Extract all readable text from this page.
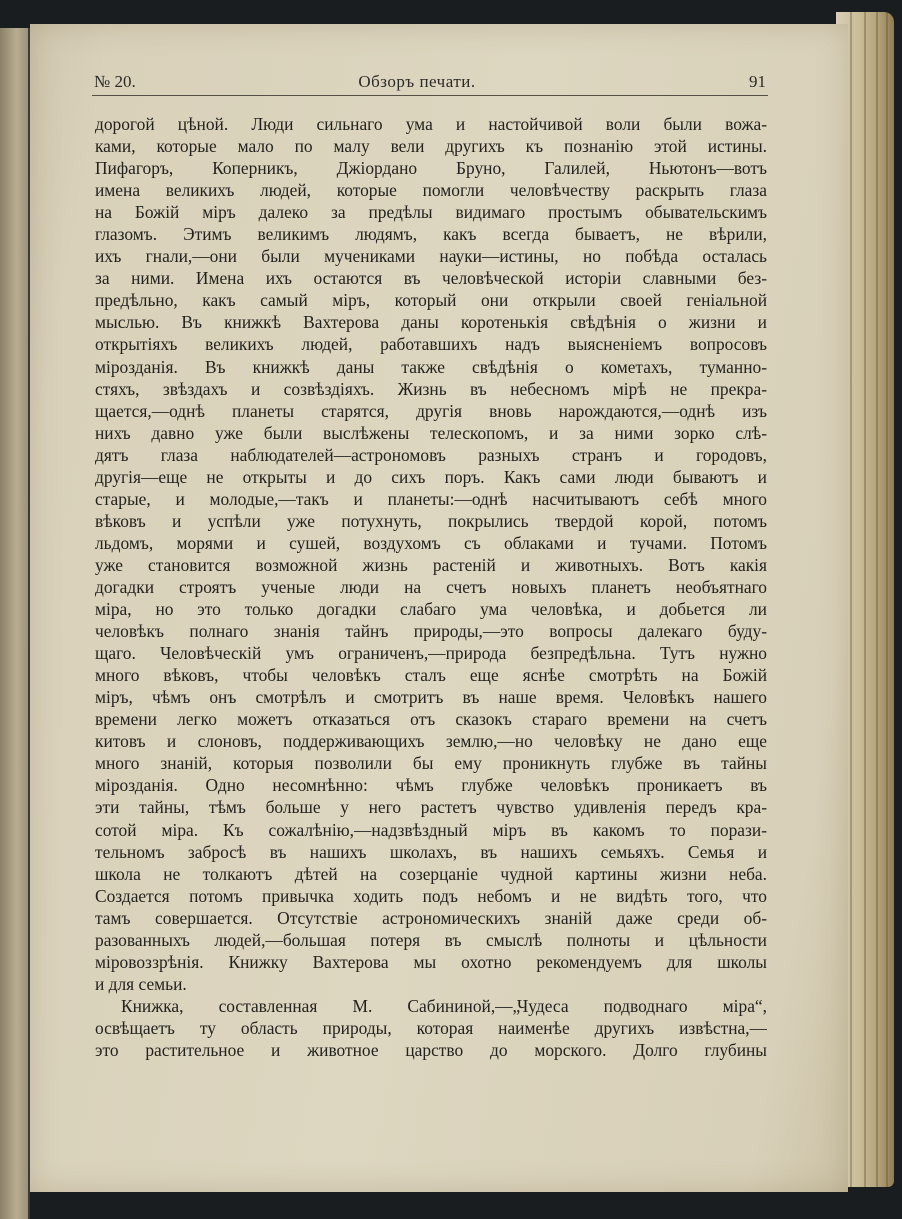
№ 20.	Обзоръ печати.	91
дорогой цѣной. Люди сильнаго ума и настойчивой воли были вожа-
ками, которые мало по малу вели другихъ къ познанію этой истины.
Пифагоръ, Коперникъ, Джіордано Бруно, Галилей, Ньютонъ—вотъ
имена великихъ людей, которые помогли человѣчеству раскрыть глаза
на Божій міръ далеко за предѣлы видимаго простымъ обывательскимъ
глазомъ. Этимъ великимъ людямъ, какъ всегда бываетъ, не вѣрили,
ихъ гнали,—они были мучениками науки—истины, но побѣда осталась
за ними. Имена ихъ остаются въ человѣческой исторіи славными без-
предѣльно, какъ самый міръ, который они открыли своей геніальной
мыслью. Въ книжкѣ Вахтерова даны коротенькія свѣдѣнія о жизни и
открытіяхъ великихъ людей, работавшихъ надъ выясненіемъ вопросовъ
мірозданія. Въ книжкѣ даны также свѣдѣнія о кометахъ, туманно-
стяхъ, звѣздахъ и созвѣздіяхъ. Жизнь въ небесномъ мірѣ не прекра-
щается,—однѣ планеты старятся, другія вновь нарождаются,—однѣ изъ
нихъ давно уже были выслѣжены телескопомъ, и за ними зорко слѣ-
дятъ глаза наблюдателей—астрономовъ разныхъ странъ и городовъ,
другія—еще не открыты и до сихъ поръ. Какъ сами люди бываютъ и
старые, и молодые,—такъ и планеты:—однѣ насчитываютъ себѣ много
вѣковъ и успѣли уже потухнуть, покрылись твердой корой, потомъ
льдомъ, морями и сушей, воздухомъ съ облаками и тучами. Потомъ
уже становится возможной жизнь растеній и животныхъ. Вотъ какія
догадки строятъ ученые люди на счетъ новыхъ планетъ необъятнаго
міра, но это только догадки слабаго ума человѣка, и добьется ли
человѣкъ полнаго знанія тайнъ природы,—это вопросы далекаго буду-
щаго. Человѣческій умъ ограниченъ,—природа безпредѣльна. Тутъ нужно
много вѣковъ, чтобы человѣкъ сталъ еще яснѣе смотрѣть на Божій
міръ, чѣмъ онъ смотрѣлъ и смотритъ въ наше время. Человѣкъ нашего
времени легко можетъ отказаться отъ сказокъ стараго времени на счетъ
китовъ и слоновъ, поддерживающихъ землю,—но человѣку не дано еще
много знаній, которыя позволили бы ему проникнуть глубже въ тайны
мірозданія. Одно несомнѣнно: чѣмъ глубже человѣкъ проникаетъ въ
эти тайны, тѣмъ больше у него растетъ чувство удивленія передъ кра-
сотой міра. Къ сожалѣнію,—надзвѣздный міръ въ какомъ то порази-
тельномъ забросѣ въ нашихъ школахъ, въ нашихъ семьяхъ. Семья и
школа не толкаютъ дѣтей на созерцаніе чудной картины жизни неба.
Создается потомъ привычка ходить подъ небомъ и не видѣть того, что
тамъ совершается. Отсутствіе астрономическихъ знаній даже среди об-
разованныхъ людей,—большая потеря въ смыслѣ полноты и цѣльности
міровоззрѣнія. Книжку Вахтерова мы охотно рекомендуемъ для школы
и для семьи.
Книжка, составленная М. Сабининой,—„Чудеса подводнаго міра“,
освѣщаетъ ту область природы, которая наименѣе другихъ извѣстна,—
это растительное и животное царство до морского. Долго глубины
